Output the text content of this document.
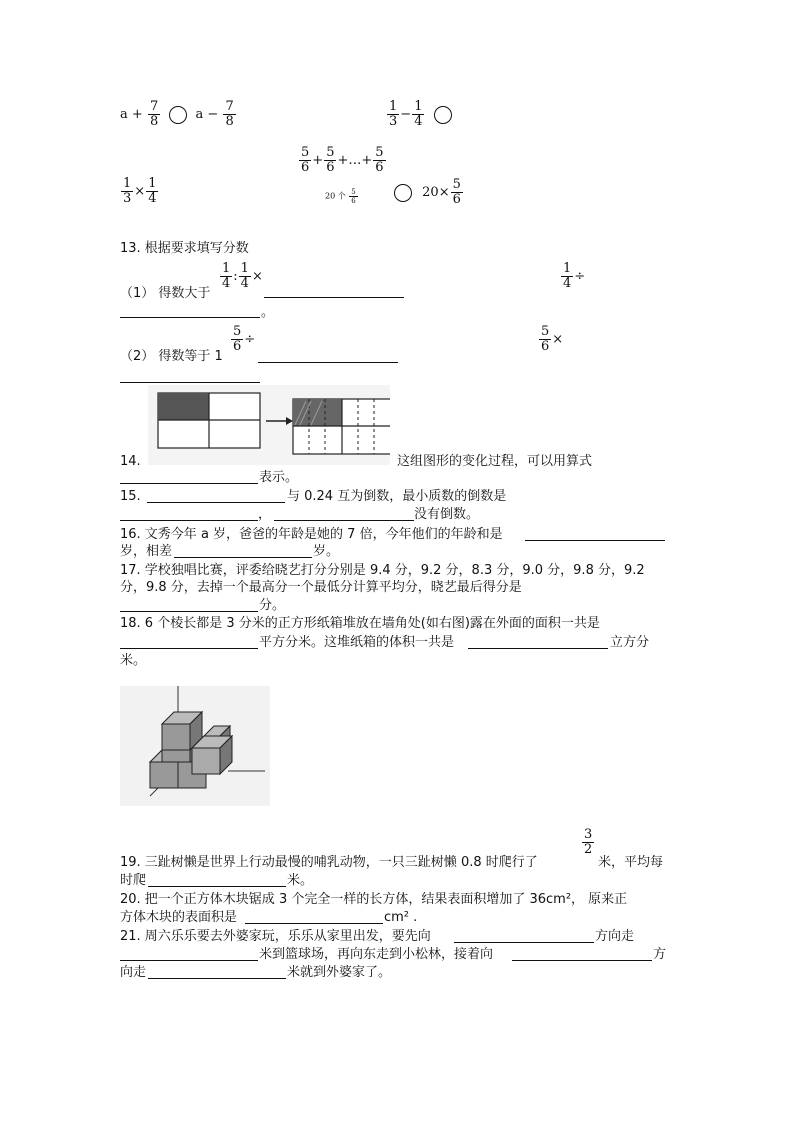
$a + \frac{7}{8}$	$a - \frac{7}{8}$	$\frac{1}{3} - \frac{1}{4}$

$\frac{5}{6} + \frac{5}{6}$ +…+ $\frac{5}{6}$
20 个 $\frac{5}{6}$
$\frac{1}{3} \times \frac{1}{4}$	$20\times \frac{5}{6}$
13. 根据要求填写分数
$\frac{1}{4}$ : $\frac{1}{4}$ ×	$\frac{1}{4}$ ÷
（1） 得数大于
。
$\frac{5}{6}$ ÷	$\frac{5}{6}$ ×
（2） 得数等于 1
14.	这组图形的变化过程，可以用算式
表示。
15.	与 0.24 互为倒数，最小质数的倒数是
，	没有倒数。
16. 文秀今年 a 岁，爸爸的年龄是她的 7 倍，今年他们的年龄和是
岁，相差	岁。
17. 学校独唱比赛，评委给晓艺打分分别是 9.4 分，9.2 分，8.3 分，9.0 分，9.8 分，9.2
分，9.8 分，去掉一个最高分一个最低分计算平均分，晓艺最后得分是
分。
18. 6 个棱长都是 3 分米的正方形纸箱堆放在墙角处(如右图)露在外面的面积一共是
平方分米。这堆纸箱的体积一共是	立方分
米。
$\frac{3}{2}$
19. 三趾树懒是世界上行动最慢的哺乳动物，一只三趾树懒 0.8 时爬行了	米，平均每
时爬	米。
20. 把一个正方体木块锯成 3 个完全一样的长方体，结果表面积增加了 36cm²， 原来正
方体木块的表面积是	cm² .
21. 周六乐乐要去外婆家玩，乐乐从家里出发，要先向	方向走
米到篮球场，再向东走到小松林，接着向	方
向走	米就到外婆家了。
